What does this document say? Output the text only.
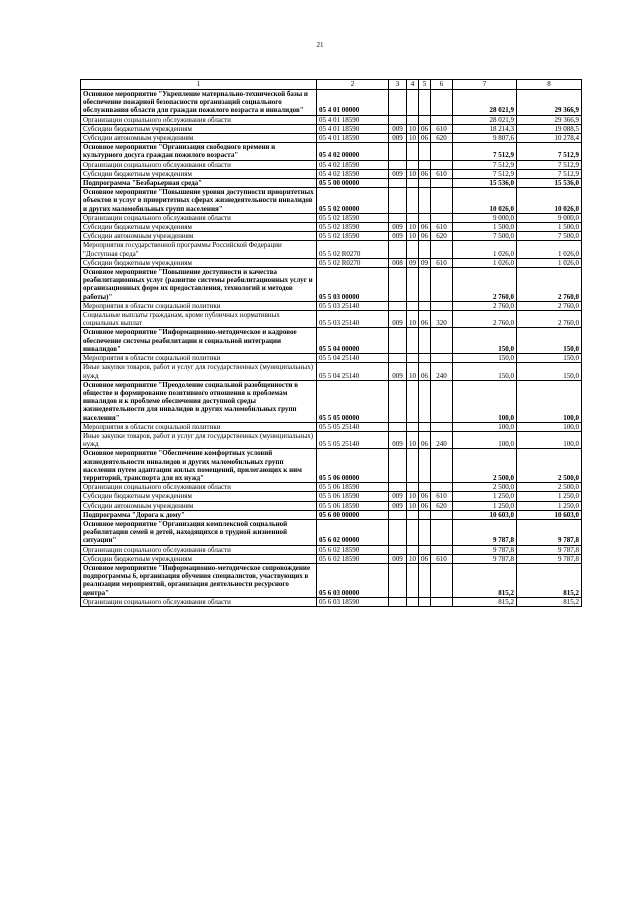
21
1	2	3	4	5	6	7	8
Основное мероприятие "Укрепление материально-технической базы и обеспечение пожарной безопасности организаций социального обслуживания области для граждан пожилого возраста и инвалидов"	05 4 01 00000					28 021,9	29 366,9
Организации социального обслуживания области	05 4 01 18590					28 021,9	29 366,9
Субсидии бюджетным учреждениям	05 4 01 18590	009	10	06	610	18 214,3	19 088,5
Субсидии автономным учреждениям	05 4 01 18590	009	10	06	620	9 807,6	10 278,4
Основное мероприятие "Организация свободного времени и культурного досуга граждан пожилого возраста"	05 4 02 00000					7 512,9	7 512,9
Организации социального обслуживания области	05 4 02 18590					7 512,9	7 512,9
Субсидии бюджетным учреждениям	05 4 02 18590	009	10	06	610	7 512,9	7 512,9
Подпрограмма "Безбарьерная среда"	05 5 00 00000					15 536,0	15 536,0
Основное мероприятие "Повышение уровня доступности приоритетных объектов и услуг в приоритетных сферах жизнедеятельности инвалидов и других маломобильных групп населения"	05 5 02 00000					10 026,0	10 026,0
Организации социального обслуживания области	05 5 02 18590					9 000,0	9 000,0
Субсидии бюджетным учреждениям	05 5 02 18590	009	10	06	610	1 500,0	1 500,0
Субсидии автономным учреждениям	05 5 02 18590	009	10	06	620	7 500,0	7 500,0
Мероприятия государственной программы Российской Федерации "Доступная среда"	05 5 02 R0270					1 026,0	1 026,0
Субсидии бюджетным учреждениям	05 5 02 R0270	008	09	09	610	1 026,0	1 026,0
Основное мероприятие "Повышение доступности и качества реабилитационных услуг (развитие системы реабилитационных услуг и организационных форм их предоставления, технологий и методов работы)"	05 5 03 00000					2 760,0	2 760,0
Мероприятия в области социальной политики	05 5 03 25140					2 760,0	2 760,0
Социальные выплаты гражданам, кроме публичных нормативных социальных выплат	05 5 03 25140	009	10	06	320	2 760,0	2 760,0
Основное мероприятие "Информационно-методическое и кадровое обеспечение системы реабилитации и социальной интеграции инвалидов"	05 5 04 00000					150,0	150,0
Мероприятия в области социальной политики	05 5 04 25140					150,0	150,0
Иные закупки товаров, работ и услуг для государственных (муниципальных) нужд	05 5 04 25140	009	10	06	240	150,0	150,0
Основное мероприятие "Преодоление социальной разобщенности в обществе и формирование позитивного отношения к проблемам инвалидов и к проблеме обеспечения доступной среды жизнедеятельности для инвалидов и других маломобильных групп населения"	05 5 05 00000					100,0	100,0
Мероприятия в области социальной политики	05 5 05 25140					100,0	100,0
Иные закупки товаров, работ и услуг для государственных (муниципальных) нужд	05 5 05 25140	009	10	06	240	100,0	100,0
Основное мероприятие "Обеспечение комфортных условий жизнедеятельности инвалидов и других маломобильных групп населения путем адаптации жилых помещений, прилегающих к ним территорий, транспорта для их нужд"	05 5 06 00000					2 500,0	2 500,0
Организации социального обслуживания области	05 5 06 18590					2 500,0	2 500,0
Субсидии бюджетным учреждениям	05 5 06 18590	009	10	06	610	1 250,0	1 250,0
Субсидии автономным учреждениям	05 5 06 18590	009	10	06	620	1 250,0	1 250,0
Подпрограмма "Дорога к дому"	05 6 00 00000					10 603,0	10 603,0
Основное мероприятие "Организация комплексной социальной реабилитации семей и детей, находящихся в трудной жизненной ситуации"	05 6 02 00000					9 787,8	9 787,8
Организации социального обслуживания области	05 6 02 18590					9 787,8	9 787,8
Субсидии бюджетным учреждениям	05 6 02 18590	009	10	06	610	9 787,8	9 787,8
Основное мероприятие "Информационно-методическое сопровождение подпрограммы 6, организация обучения специалистов, участвующих в реализации мероприятий, организация деятельности ресурсного центра"	05 6 03 00000					815,2	815,2
Организации социального обслуживания области	05 6 03 18590					815,2	815,2
